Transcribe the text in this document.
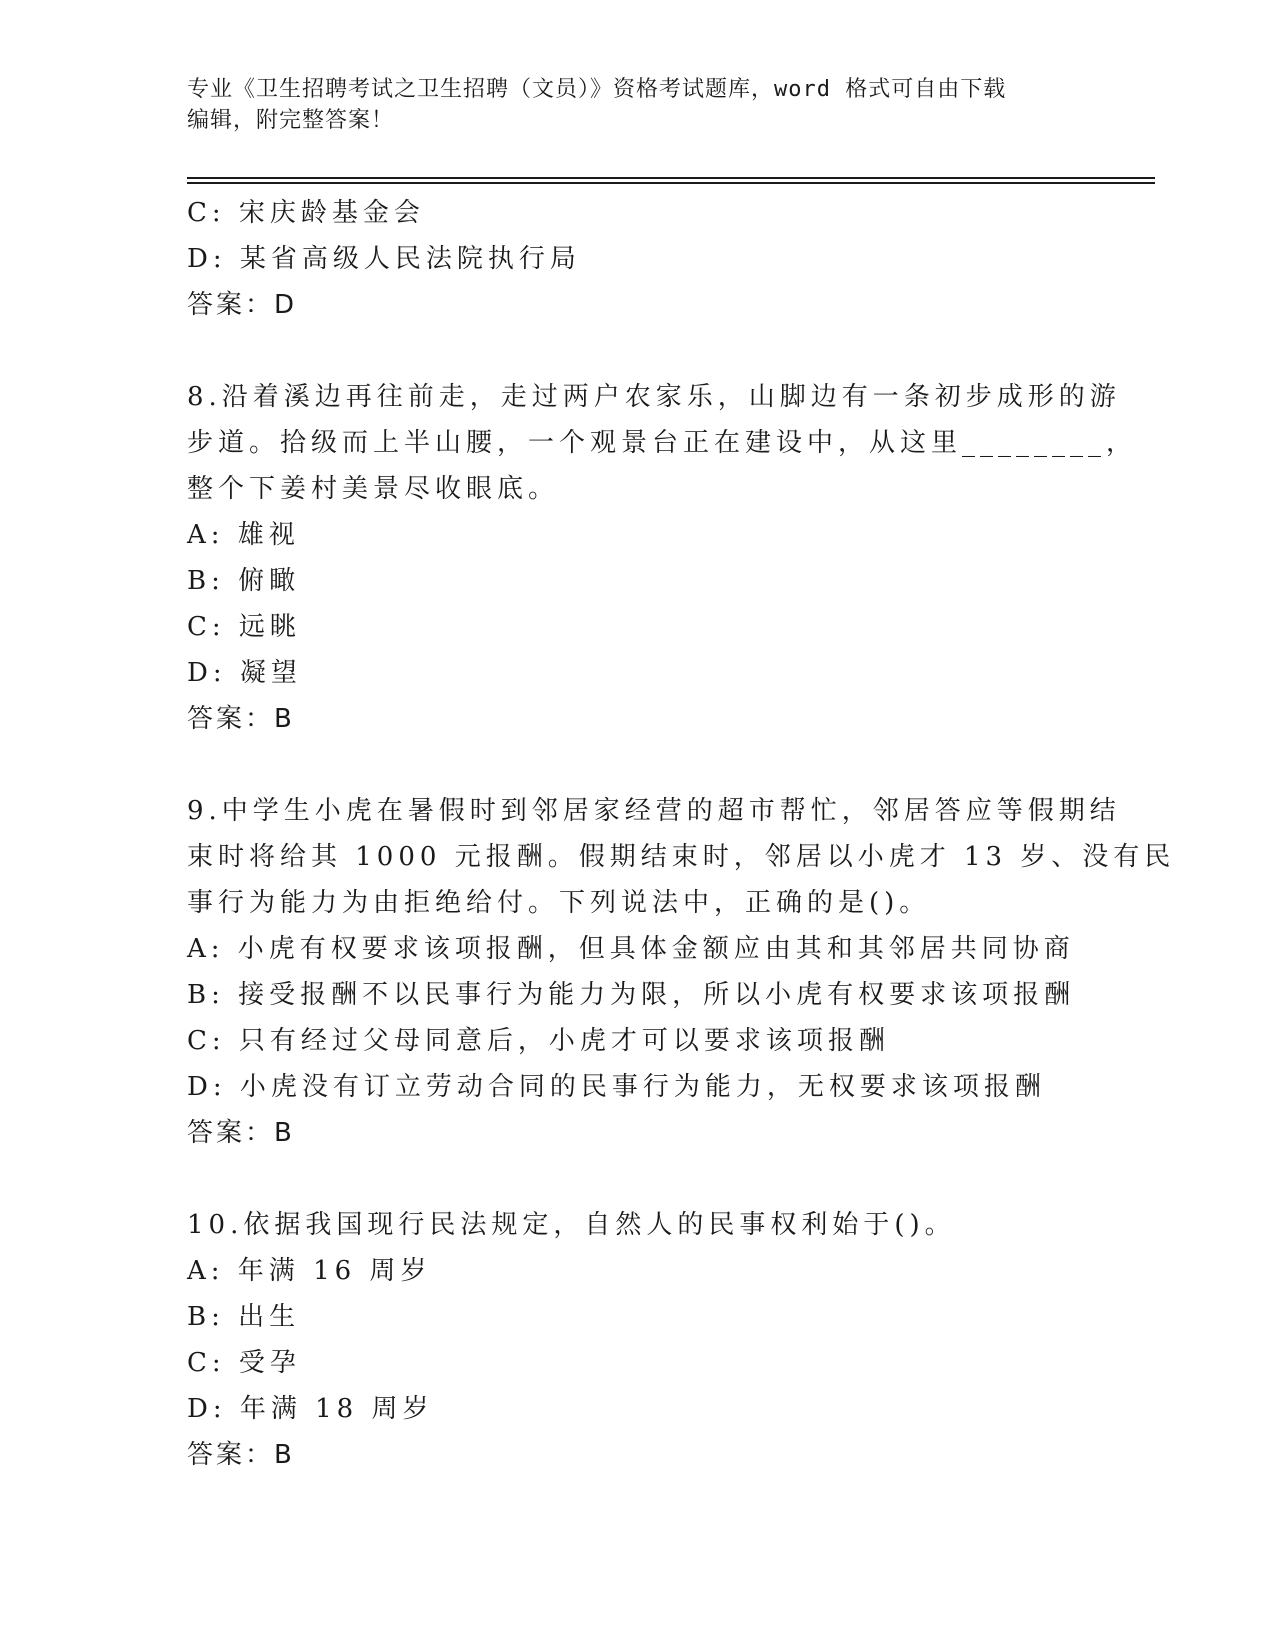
专业《卫生招聘考试之卫生招聘（文员）》资格考试题库，word 格式可自由下载
编辑，附完整答案！
C: 宋庆龄基金会
D: 某省高级人民法院执行局
答案：D
8.沿着溪边再往前走，走过两户农家乐，山脚边有一条初步成形的游
步道。拾级而上半山腰，一个观景台正在建设中，从这里________，
整个下姜村美景尽收眼底。
A: 雄视
B: 俯瞰
C: 远眺
D: 凝望
答案：B
9.中学生小虎在暑假时到邻居家经营的超市帮忙，邻居答应等假期结
束时将给其 1000 元报酬。假期结束时，邻居以小虎才 13 岁、没有民
事行为能力为由拒绝给付。下列说法中，正确的是()。
A: 小虎有权要求该项报酬，但具体金额应由其和其邻居共同协商
B: 接受报酬不以民事行为能力为限，所以小虎有权要求该项报酬
C: 只有经过父母同意后，小虎才可以要求该项报酬
D: 小虎没有订立劳动合同的民事行为能力，无权要求该项报酬
答案：B
10.依据我国现行民法规定，自然人的民事权利始于()。
A: 年满 16 周岁
B: 出生
C: 受孕
D: 年满 18 周岁
答案：B
